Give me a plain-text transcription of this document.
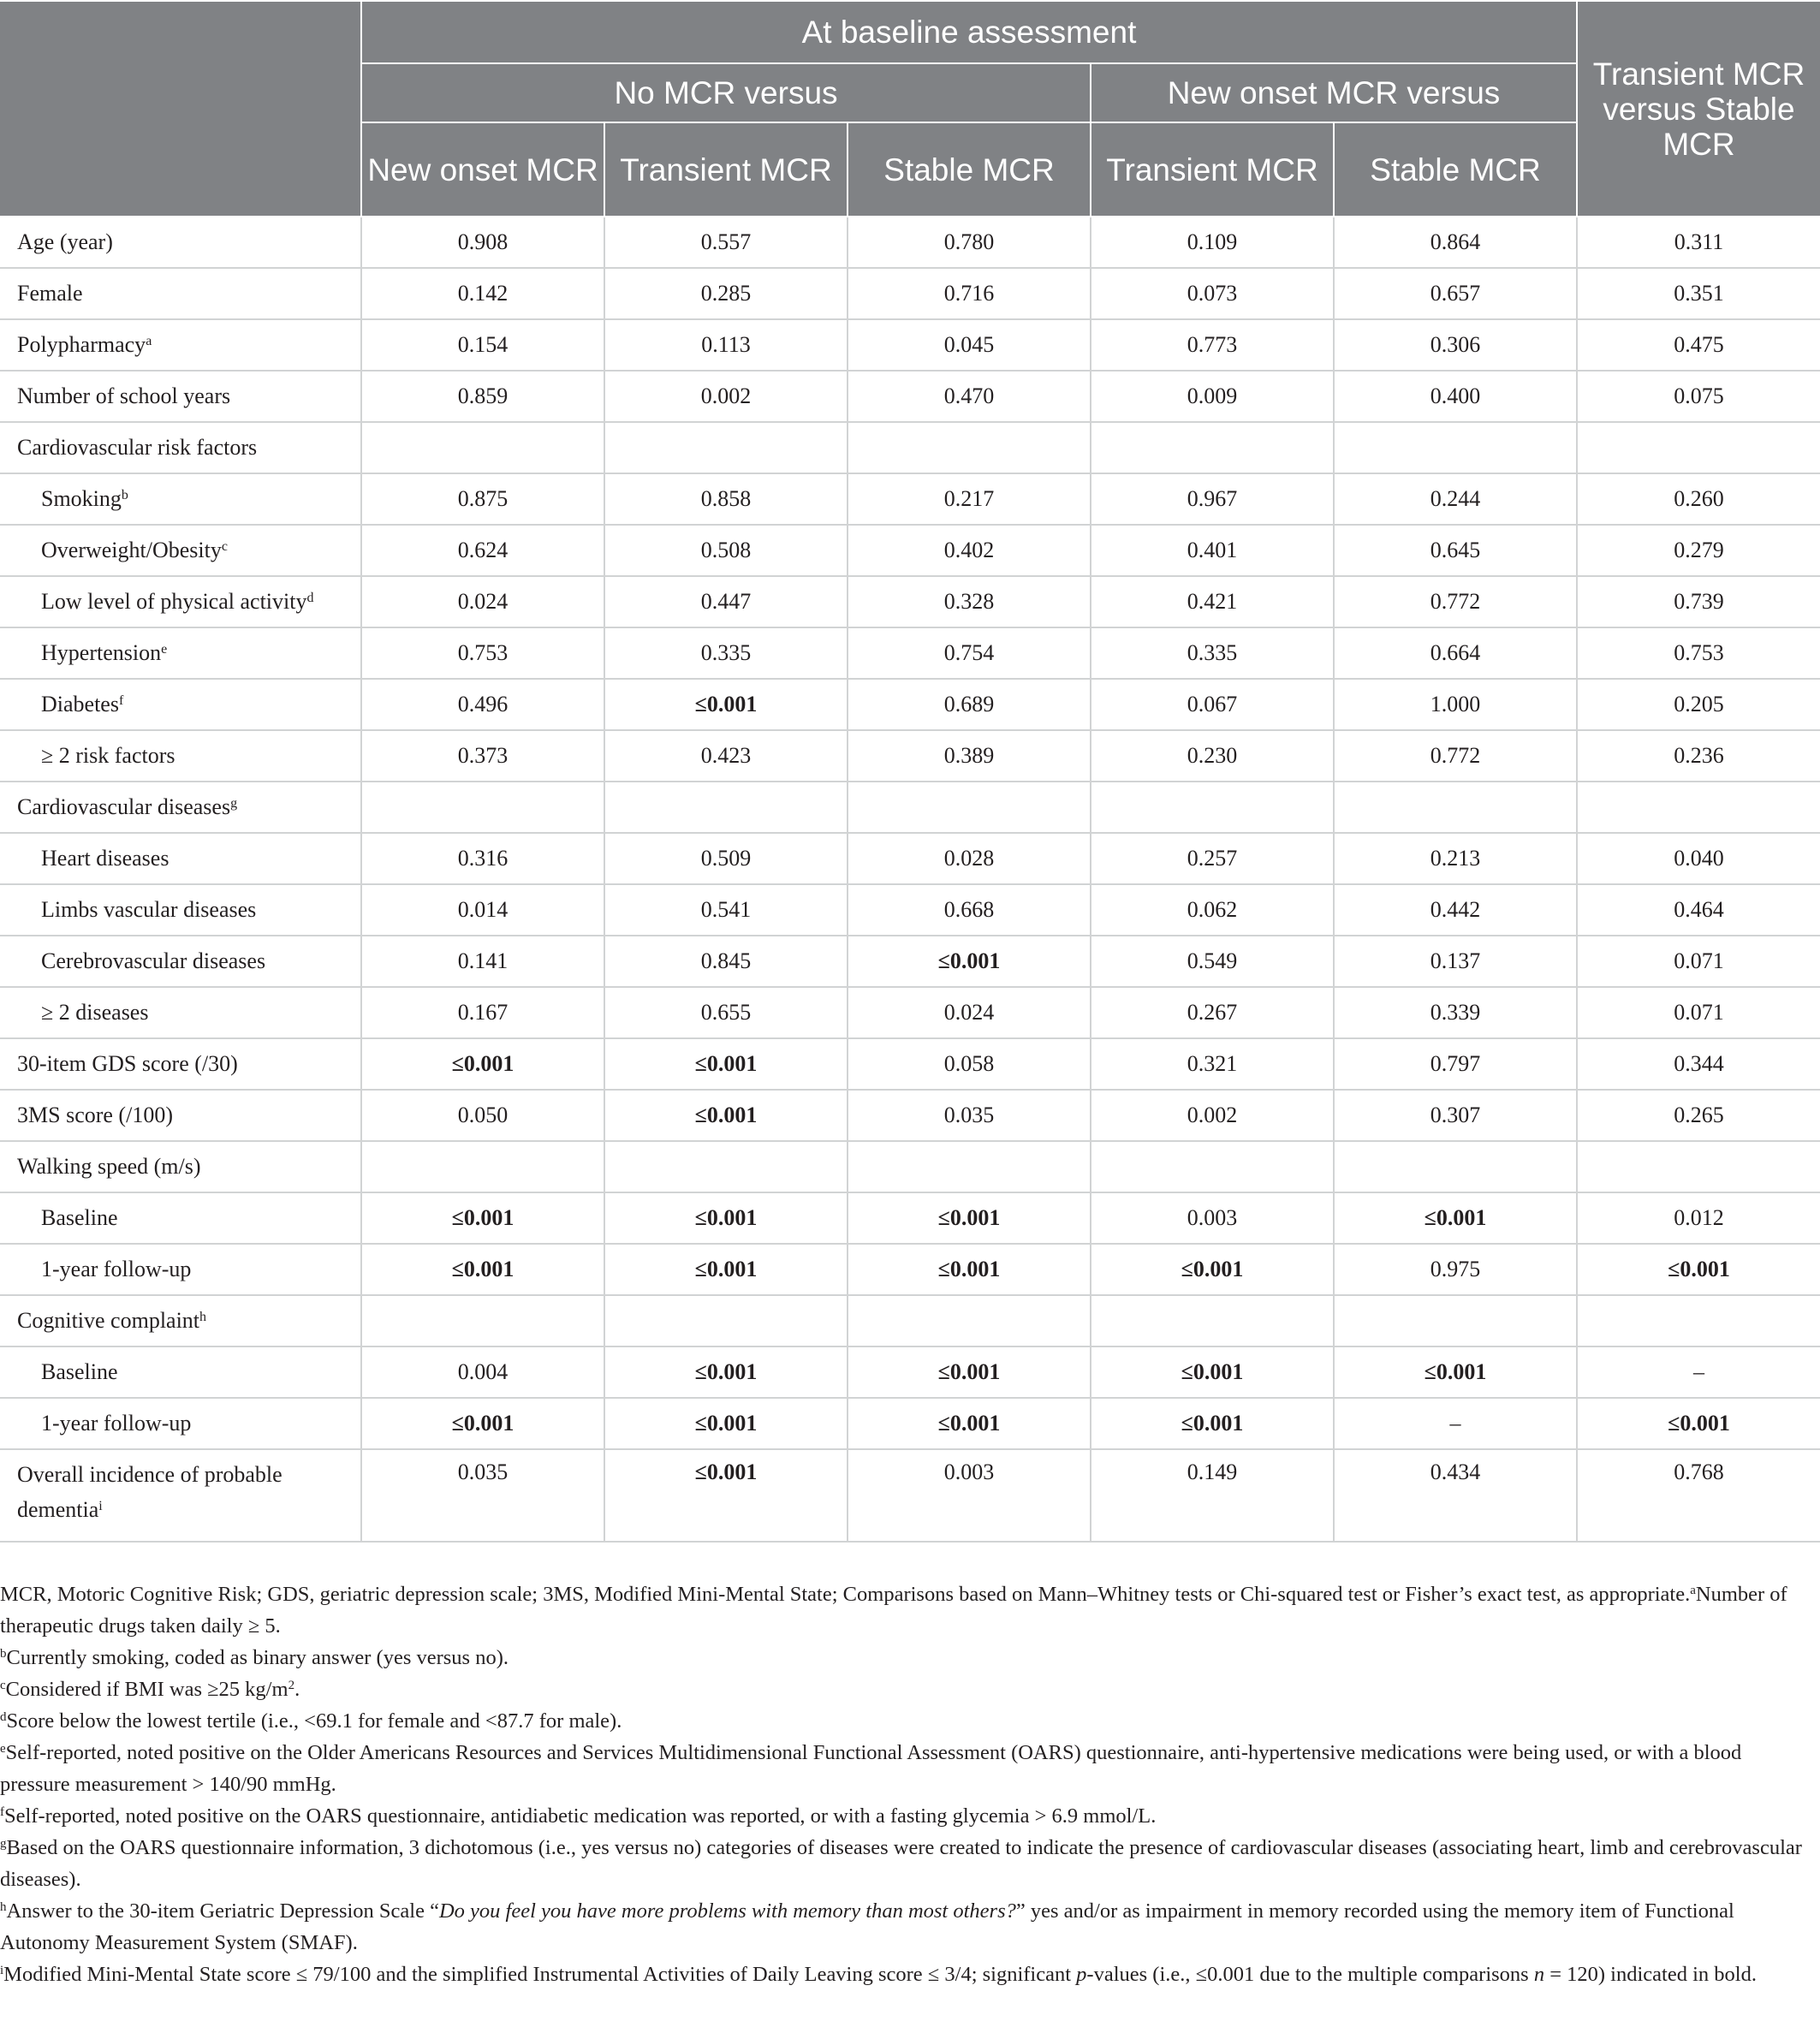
	At baseline assessment					Transient MCR versus Stable MCR
	No MCR versus			New onset MCR versus		
	New onset MCR	Transient MCR	Stable MCR	Transient MCR	Stable MCR	
Age (year)	0.908	0.557	0.780	0.109	0.864	0.311
Female	0.142	0.285	0.716	0.073	0.657	0.351
Polypharmacy$^a$	0.154	0.113	0.045	0.773	0.306	0.475
Number of school years	0.859	0.002	0.470	0.009	0.400	0.075
Cardiovascular risk factors						
Smoking$^b$	0.875	0.858	0.217	0.967	0.244	0.260
Overweight/Obesity$^c$	0.624	0.508	0.402	0.401	0.645	0.279
Low level of physical activity$^d$	0.024	0.447	0.328	0.421	0.772	0.739
Hypertension$^e$	0.753	0.335	0.754	0.335	0.664	0.753
Diabetes$^f$	0.496	≤0.001	0.689	0.067	1.000	0.205
≥ 2 risk factors	0.373	0.423	0.389	0.230	0.772	0.236
Cardiovascular diseases$^g$						
Heart diseases	0.316	0.509	0.028	0.257	0.213	0.040
Limbs vascular diseases	0.014	0.541	0.668	0.062	0.442	0.464
Cerebrovascular diseases	0.141	0.845	≤0.001	0.549	0.137	0.071
≥ 2 diseases	0.167	0.655	0.024	0.267	0.339	0.071
30-item GDS score (/30)	≤0.001	≤0.001	0.058	0.321	0.797	0.344
3MS score (/100)	0.050	≤0.001	0.035	0.002	0.307	0.265
Walking speed (m/s)						
Baseline	≤0.001	≤0.001	≤0.001	0.003	≤0.001	0.012
1-year follow-up	≤0.001	≤0.001	≤0.001	≤0.001	0.975	≤0.001
Cognitive complaint$^h$						
Baseline	0.004	≤0.001	≤0.001	≤0.001	≤0.001	–
1-year follow-up	≤0.001	≤0.001	≤0.001	≤0.001	–	≤0.001
Overall incidence of probable dementia$^i$	0.035	≤0.001	0.003	0.149	0.434	0.768

MCR, Motoric Cognitive Risk; GDS, geriatric depression scale; 3MS, Modified Mini-Mental State; Comparisons based on Mann–Whitney tests or Chi-squared test or Fisher’s exact test, as appropriate.$^a$Number of therapeutic drugs taken daily ≥ 5.

$^b$Currently smoking, coded as binary answer (yes versus no).

$^c$Considered if BMI was ≥25 $kg/m^2$.

$^d$Score below the lowest tertile (i.e., <69.1 for female and <87.7 for male).

$^e$Self-reported, noted positive on the Older Americans Resources and Services Multidimensional Functional Assessment (OARS) questionnaire, anti-hypertensive medications were being used, or with a blood pressure measurement > 140/90 mmHg.

$^f$Self-reported, noted positive on the OARS questionnaire, antidiabetic medication was reported, or with a fasting glycemia > 6.9 mmol/L.

$^g$Based on the OARS questionnaire information, 3 dichotomous (i.e., yes versus no) categories of diseases were created to indicate the presence of cardiovascular diseases (associating heart, limb and cerebrovascular diseases).

$^h$Answer to the 30-item Geriatric Depression Scale “Do you feel you have more problems with memory than most others?” yes and/or as impairment in memory recorded using the memory item of Functional Autonomy Measurement System (SMAF).

$^i$Modified Mini-Mental State score ≤ 79/100 and the simplified Instrumental Activities of Daily Leaving score ≤ 3/4; significant p-values (i.e., ≤0.001 due to the multiple comparisons n = 120) indicated in bold.
